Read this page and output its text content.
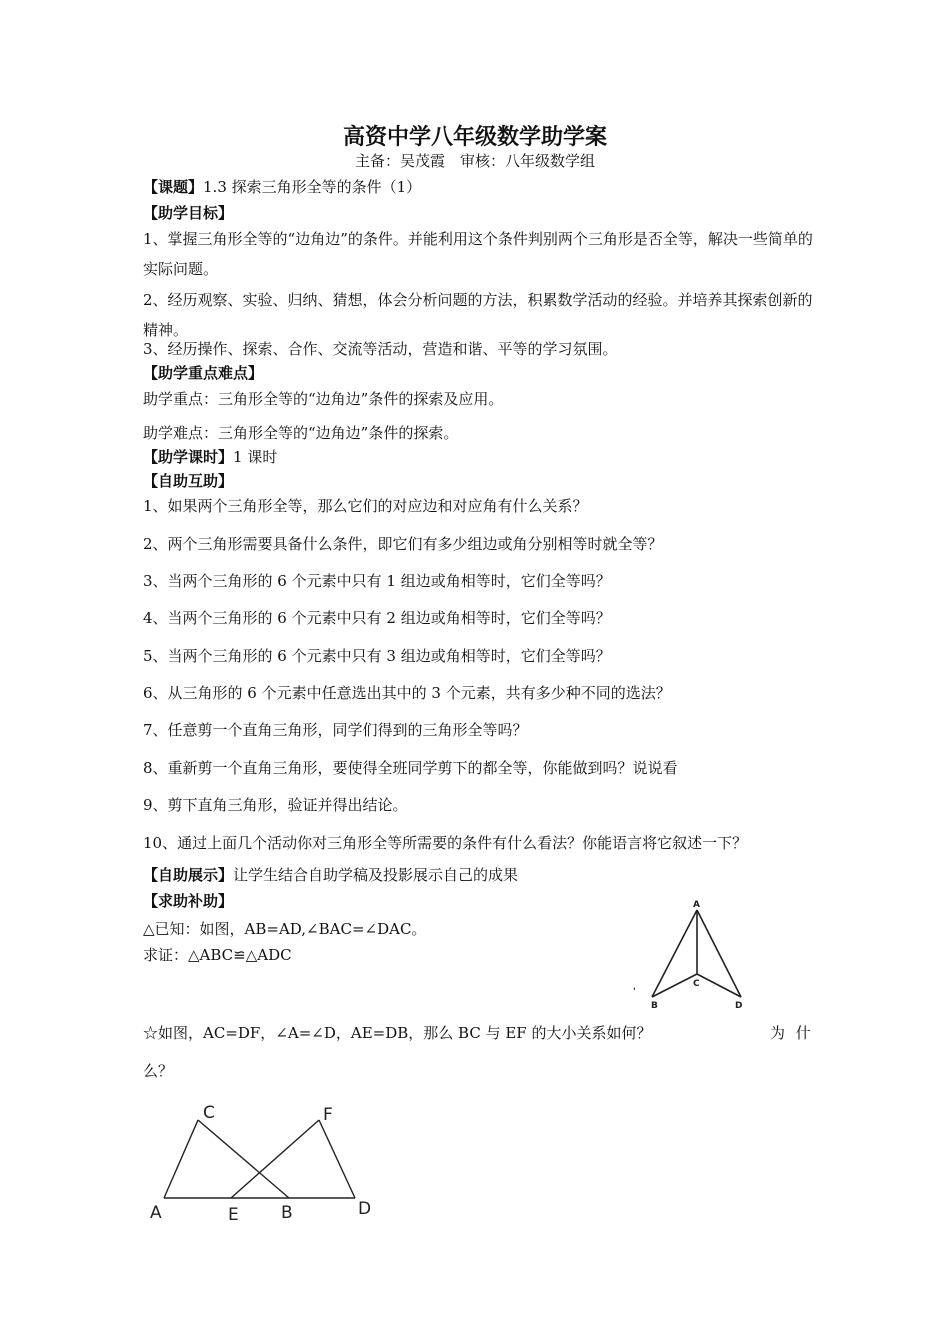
高资中学八年级数学助学案
主备：吴茂霞　审核：八年级数学组
【课题】1.3 探索三角形全等的条件（1）
【助学目标】
1、掌握三角形全等的“边角边”的条件。并能利用这个条件判别两个三角形是否全等，解决一些简单的实际问题。
2、经历观察、实验、归纳、猜想，体会分析问题的方法，积累数学活动的经验。并培养其探索创新的精神。
3、经历操作、探索、合作、交流等活动，营造和谐、平等的学习氛围。
【助学重点难点】
助学重点：三角形全等的“边角边”条件的探索及应用。
助学难点：三角形全等的“边角边”条件的探索。
【助学课时】1 课时
【自助互助】
1、如果两个三角形全等，那么它们的对应边和对应角有什么关系？
2、两个三角形需要具备什么条件，即它们有多少组边或角分别相等时就全等？
3、当两个三角形的 6 个元素中只有 1 组边或角相等时，它们全等吗？
4、当两个三角形的 6 个元素中只有 2 组边或角相等时，它们全等吗？
5、当两个三角形的 6 个元素中只有 3 组边或角相等时，它们全等吗？
6、从三角形的 6 个元素中任意选出其中的 3 个元素，共有多少种不同的选法？
7、任意剪一个直角三角形，同学们得到的三角形全等吗？
8、重新剪一个直角三角形，要使得全班同学剪下的都全等，你能做到吗？说说看
9、剪下直角三角形，验证并得出结论。
10、通过上面几个活动你对三角形全等所需要的条件有什么看法？你能语言将它叙述一下？
【自助展示】让学生结合自助学稿及投影展示自己的成果
【求助补助】
△已知：如图，AB=AD,∠BAC=∠DAC。
求证：△ABC≌△ADC
A
B
C
D
'
☆如图，AC=DF，∠A=∠D，AE=DB，那么 BC 与 EF 的大小关系如何？	为 什
么？
A
C
E B
F
D
